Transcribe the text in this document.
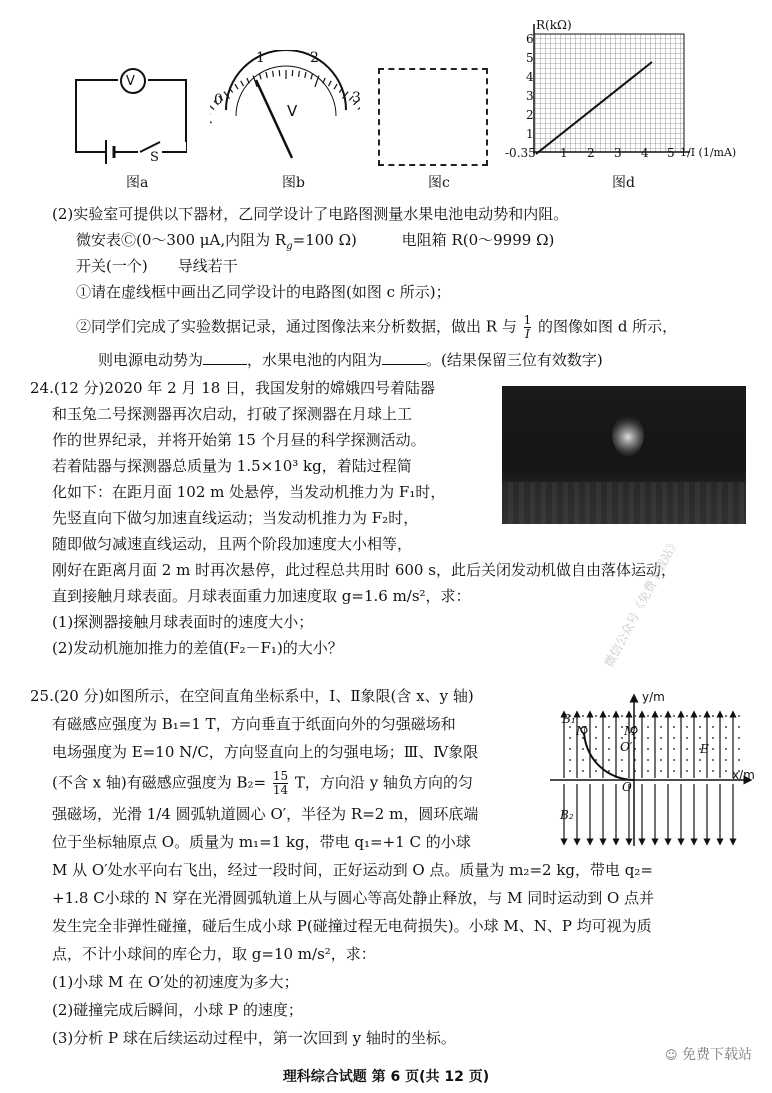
V
S
图a
0
1	2
3
V
图b	图c
R(kΩ)
6
5
4
3
2
1
-0.35 1 2 3 4 5 1/I (1/mA)
图d
(2)实验室可提供以下器材，乙同学设计了电路图测量水果电池电动势和内阻。
微安表Ⓒ(0～300 μA,内阻为 $R_g=100$ Ω)	电阻箱 R(0～9999 Ω)
开关(一个) 导线若干
①请在虚线框中画出乙同学设计的电路图(如图 c 所示)；
②同学们完成了实验数据记录，通过图像法来分析数据，做出 R 与 $\frac{1}{I}$ 的图像如图 d 所示，
则电源电动势为	，水果电池的内阻为	。(结果保留三位有效数字)
24.(12 分)2020 年 2 月 18 日，我国发射的嫦娥四号着陆器
和玉兔二号探测器再次启动，打破了探测器在月球上工
作的世界纪录，并将开始第 15 个月昼的科学探测活动。
若着陆器与探测器总质量为 1.5×10³ kg，着陆过程简
化如下：在距月面 102 m 处悬停，当发动机推力为 F₁时，
先竖直向下做匀加速直线运动；当发动机推力为 F₂时，
随即做匀减速直线运动，且两个阶段加速度大小相等，
刚好在距离月面 2 m 时再次悬停，此过程总共用时 600 s，此后关闭发动机做自由落体运动，
直到接触月球表面。月球表面重力加速度取 g=1.6 m/s²，求：
(1)探测器接触月球表面时的速度大小；
(2)发动机施加推力的差值(F₂－F₁)的大小？
25.(20 分)如图所示，在空间直角坐标系中，Ⅰ、Ⅱ象限(含 x、y 轴)
有磁感应强度为 B₁=1 T，方向垂直于纸面向外的匀强磁场和
电场强度为 E=10 N/C，方向竖直向上的匀强电场；Ⅲ、Ⅳ象限
(不含 x 轴)有磁感应强度为 $B_2= \frac{15}{14}$ T，方向沿 y 轴负方向的匀
强磁场，光滑 1/4 圆弧轨道圆心 O′，半径为 R=2 m，圆环底端
位于坐标轴原点 O。质量为 m₁=1 kg，带电 q₁=+1 C 的小球
M 从 O′处水平向右飞出，经过一段时间，正好运动到 O 点。质量为 m₂=2 kg，带电 q₂=
+1.8 C小球的 N 穿在光滑圆弧轨道上从与圆心等高处静止释放，与 M 同时运动到 O 点并
发生完全非弹性碰撞，碰后生成小球 P(碰撞过程无电荷损失)。小球 M、N、P 均可视为质
点，不计小球间的库仑力，取 g=10 m/s²，求：
(1)小球 M 在 O′处的初速度为多大；
(2)碰撞完成后瞬间，小球 P 的速度；
(3)分析 P 球在后续运动过程中，第一次回到 y 轴时的坐标。
y/m
x/m
B₁
B₂
E
N	M
O′
O
微信公众号《免费下载站》
理科综合试题 第 6 页(共 12 页)
☺ 免费下载站
